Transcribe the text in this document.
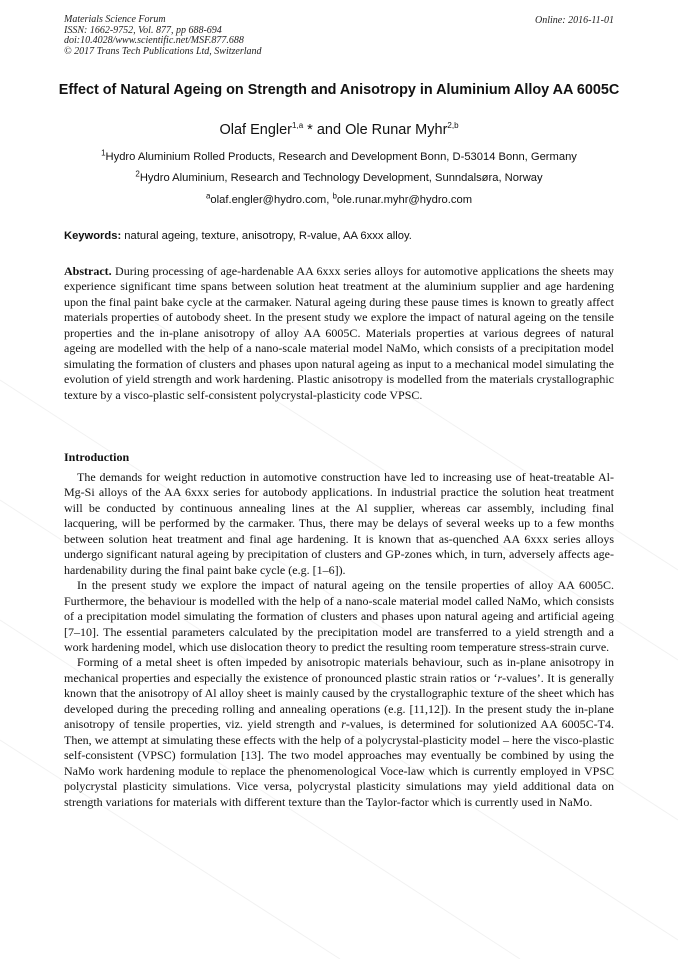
Materials Science Forum
ISSN: 1662-9752, Vol. 877, pp 688-694
doi:10.4028/www.scientific.net/MSF.877.688
© 2017 Trans Tech Publications Ltd, Switzerland
Online: 2016-11-01
Effect of Natural Ageing on Strength and Anisotropy in Aluminium Alloy AA 6005C
Olaf Engler$^{1,a}$ * and Ole Runar Myhr$^{2,b}$
$^1$Hydro Aluminium Rolled Products, Research and Development Bonn, D-53014 Bonn, Germany
$^2$Hydro Aluminium, Research and Technology Development, Sunndalsøra, Norway
$^a$olaf.engler@hydro.com, $^b$ole.runar.myhr@hydro.com
Keywords: natural ageing, texture, anisotropy, R-value, AA 6xxx alloy.
Abstract. During processing of age-hardenable AA 6xxx series alloys for automotive applications the sheets may experience significant time spans between solution heat treatment at the aluminium supplier and age hardening upon the final paint bake cycle at the carmaker. Natural ageing during these pause times is known to greatly affect materials properties of autobody sheet. In the present study we explore the impact of natural ageing on the tensile properties and the in-plane anisotropy of alloy AA 6005C. Materials properties at various degrees of natural ageing are modelled with the help of a nano-scale material model NaMo, which consists of a precipitation model simulating the formation of clusters and phases upon natural ageing as input to a mechanical model simulating the evolution of yield strength and work hardening. Plastic anisotropy is modelled from the materials crystallographic texture by a visco-plastic self-consistent polycrystal-plasticity code VPSC.
Introduction

The demands for weight reduction in automotive construction have led to increasing use of heat-treatable Al-Mg-Si alloys of the AA 6xxx series for autobody applications. In industrial practice the solution heat treatment will be conducted by continuous annealing lines at the Al supplier, whereas car assembly, including final lacquering, will be performed by the carmaker. Thus, there may be delays of several weeks up to a few months between solution heat treatment and final age hardening. It is known that as-quenched AA 6xxx series alloys undergo significant natural ageing by precipitation of clusters and GP-zones which, in turn, adversely affects age-hardenability during the final paint bake cycle (e.g. [1–6]).

In the present study we explore the impact of natural ageing on the tensile properties of alloy AA 6005C. Furthermore, the behaviour is modelled with the help of a nano-scale material model called NaMo, which consists of a precipitation model simulating the formation of clusters and phases upon natural ageing and artificial ageing [7–10]. The essential parameters calculated by the precipitation model are transferred to a yield strength and a work hardening model, which use dislocation theory to predict the resulting room temperature stress-strain curve.

Forming of a metal sheet is often impeded by anisotropic materials behaviour, such as in-plane anisotropy in mechanical properties and especially the existence of pronounced plastic strain ratios or ‘r-values’. It is generally known that the anisotropy of Al alloy sheet is mainly caused by the crystallographic texture of the sheet which has developed during the preceding rolling and annealing operations (e.g. [11,12]). In the present study the in-plane anisotropy of tensile properties, viz. yield strength and r-values, is determined for solutionized AA 6005C-T4. Then, we attempt at simulating these effects with the help of a polycrystal-plasticity model – here the visco-plastic self-consistent (VPSC) formulation [13]. The two model approaches may eventually be combined by using the NaMo work hardening module to replace the phenomenological Voce-law which is currently employed in VPSC polycrystal plasticity simulations. Vice versa, polycrystal plasticity simulations may yield additional data on strength variations for materials with different texture than the Taylor-factor which is currently used in NaMo.
